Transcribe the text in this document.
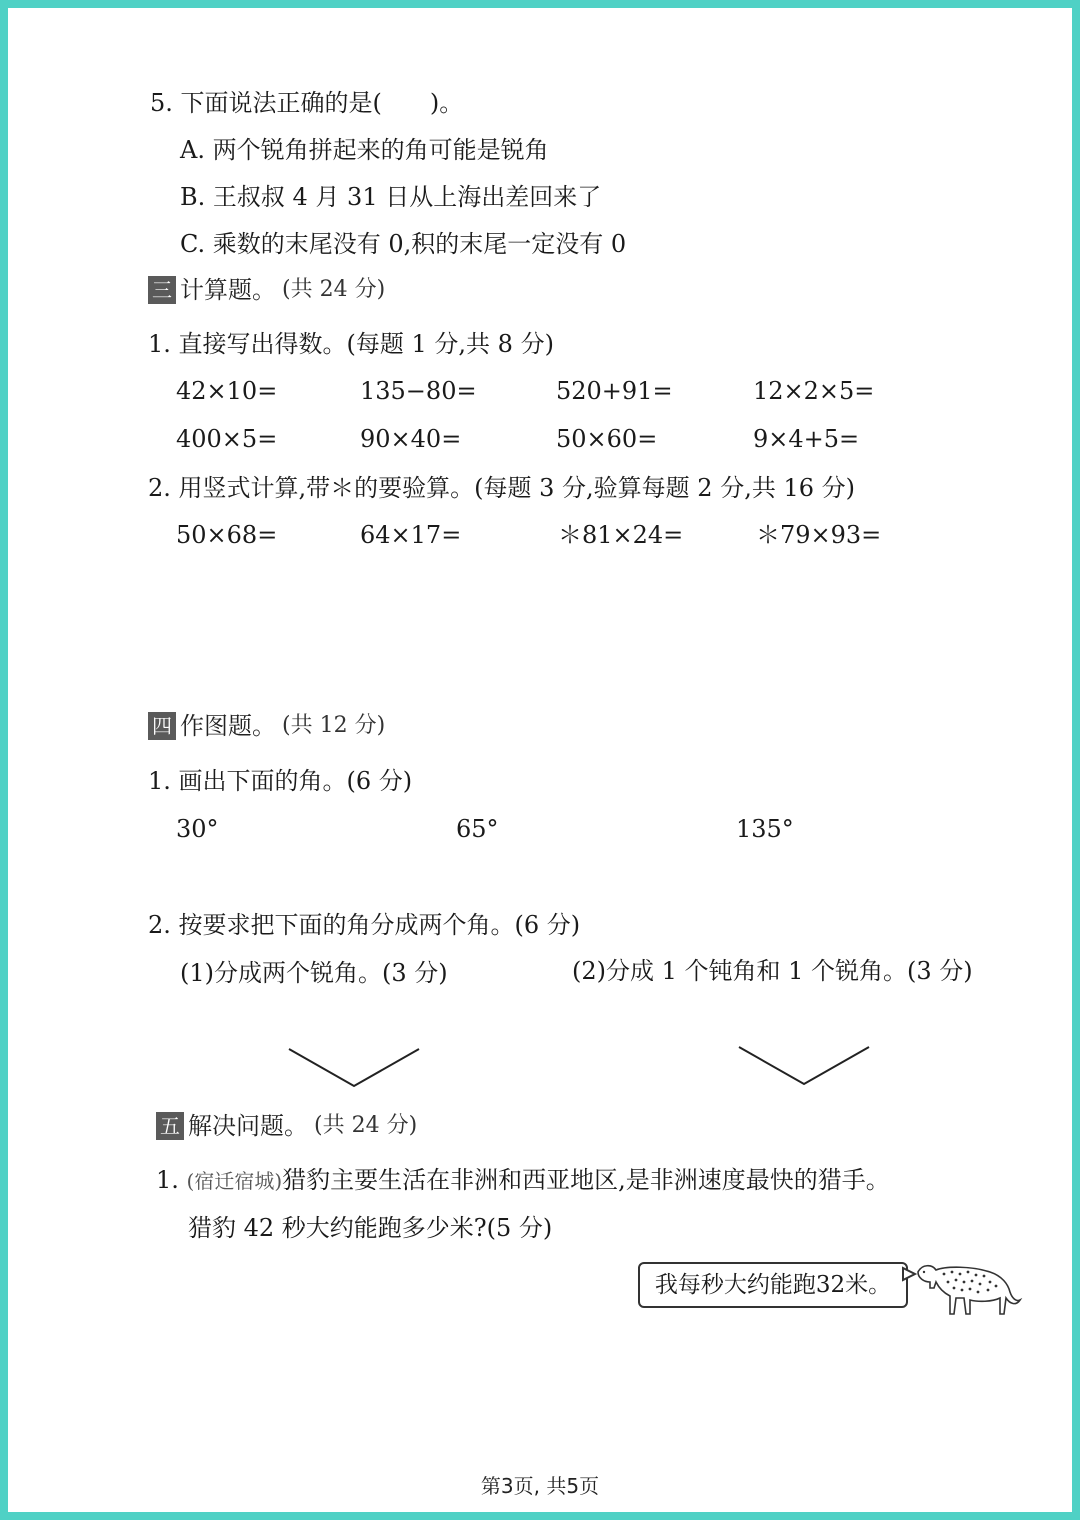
5. 下面说法正确的是(　　)。
A. 两个锐角拼起来的角可能是锐角
B. 王叔叔 4 月 31 日从上海出差回来了
C. 乘数的末尾没有 0,积的末尾一定没有 0
三 计算题。 (共 24 分)
1. 直接写出得数。(每题 1 分,共 8 分)
42×10=	135−80=	520+91=	12×2×5=
400×5=	90×40=	50×60=	9×4+5=
2. 用竖式计算,带＊的要验算。(每题 3 分,验算每题 2 分,共 16 分)
50×68=	64×17=	＊81×24=	＊79×93=
四 作图题。 (共 12 分)
1. 画出下面的角。(6 分)
30°	65°	135°
2. 按要求把下面的角分成两个角。(6 分)
(1)分成两个锐角。(3 分)	(2)分成 1 个钝角和 1 个锐角。(3 分)
五 解决问题。 (共 24 分)
1. (宿迁宿城)猎豹主要生活在非洲和西亚地区,是非洲速度最快的猎手。
猎豹 42 秒大约能跑多少米?(5 分)
我每秒大约能跑32米。
第3页, 共5页
